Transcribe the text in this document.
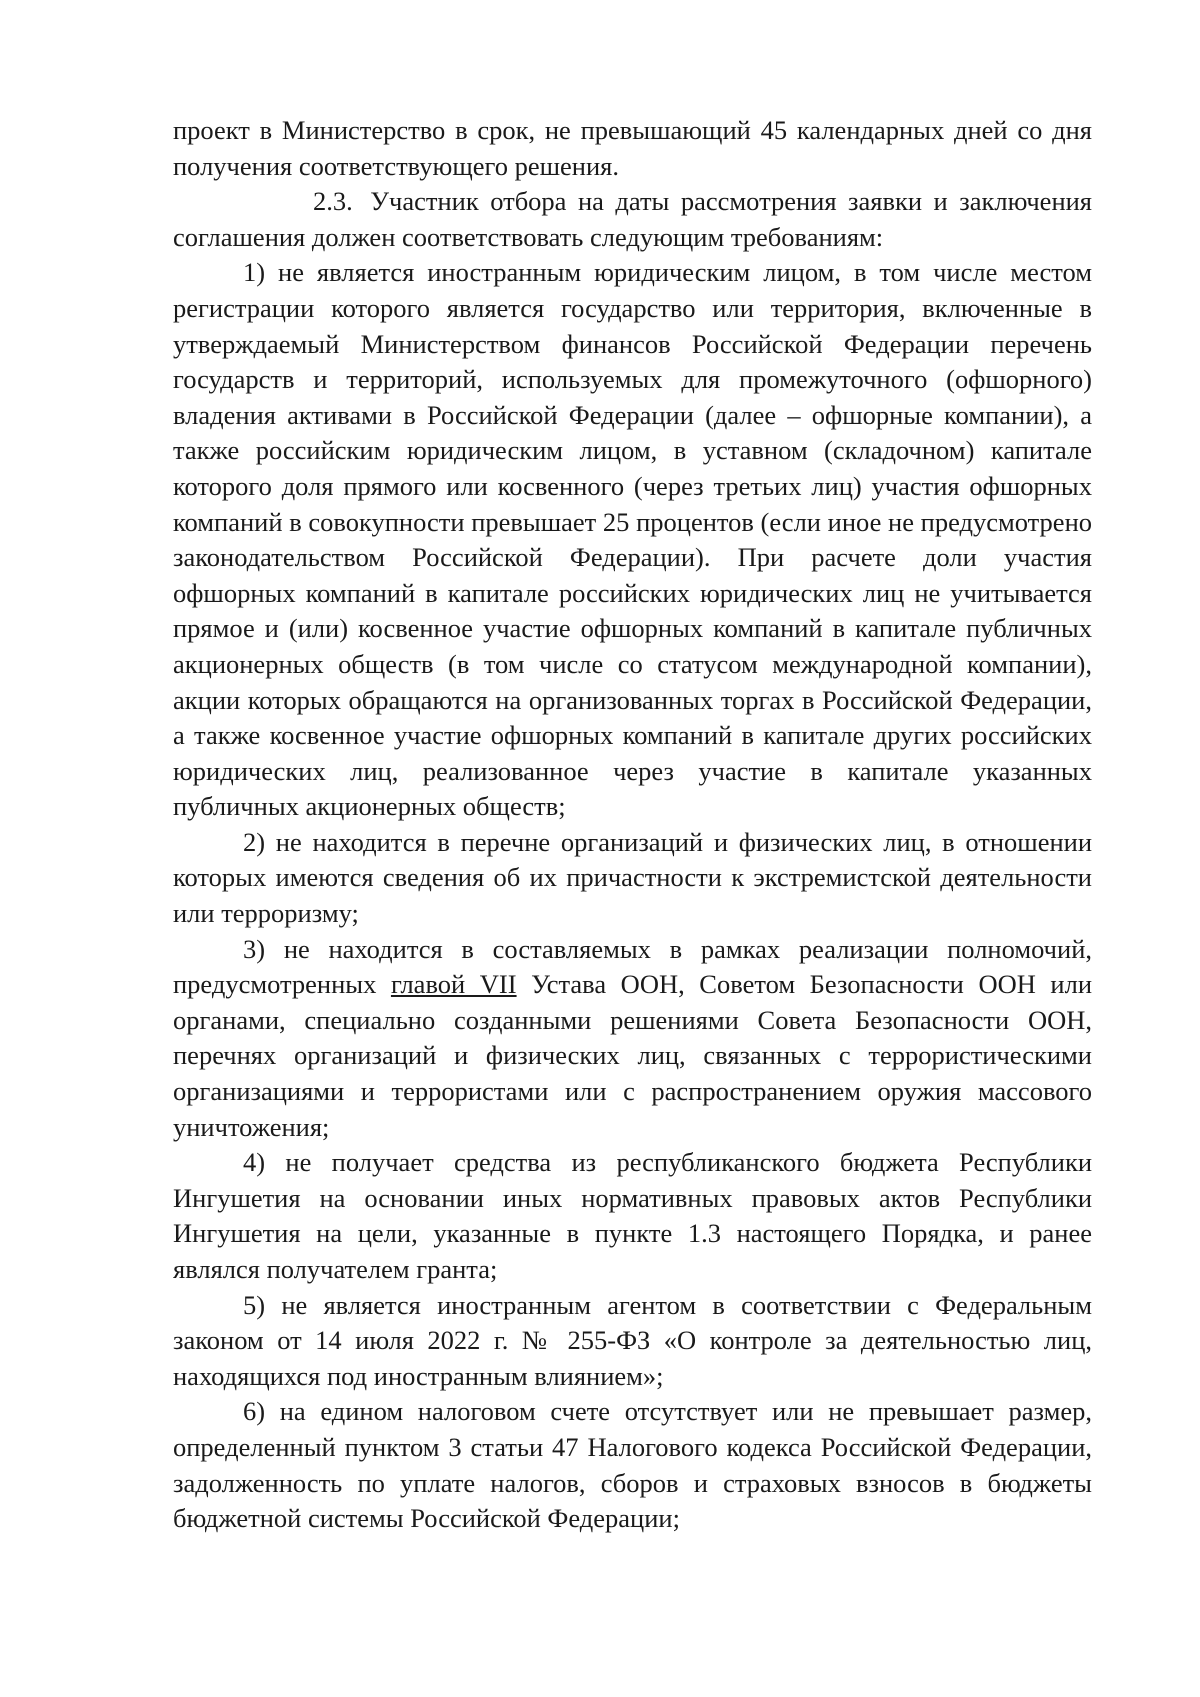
проект в Министерство в срок, не превышающий 45 календарных дней со дня получения соответствующего решения.

2.3. Участник отбора на даты рассмотрения заявки и заключения соглашения должен соответствовать следующим требованиям:

1) не является иностранным юридическим лицом, в том числе местом регистрации которого является государство или территория, включенные в утверждаемый Министерством финансов Российской Федерации перечень государств и территорий, используемых для промежуточного (офшорного) владения активами в Российской Федерации (далее – офшорные компании), а также российским юридическим лицом, в уставном (складочном) капитале которого доля прямого или косвенного (через третьих лиц) участия офшорных компаний в совокупности превышает 25 процентов (если иное не предусмотрено законодательством Российской Федерации). При расчете доли участия офшорных компаний в капитале российских юридических лиц не учитывается прямое и (или) косвенное участие офшорных компаний в капитале публичных акционерных обществ (в том числе со статусом международной компании), акции которых обращаются на организованных торгах в Российской Федерации, а также косвенное участие офшорных компаний в капитале других российских юридических лиц, реализованное через участие в капитале указанных публичных акционерных обществ;

2) не находится в перечне организаций и физических лиц, в отношении которых имеются сведения об их причастности к экстремистской деятельности или терроризму;

3) не находится в составляемых в рамках реализации полномочий, предусмотренных главой VII Устава ООН, Советом Безопасности ООН или органами, специально созданными решениями Совета Безопасности ООН, перечнях организаций и физических лиц, связанных с террористическими организациями и террористами или с распространением оружия массового уничтожения;

4) не получает средства из республиканского бюджета Республики Ингушетия на основании иных нормативных правовых актов Республики Ингушетия на цели, указанные в пункте 1.3 настоящего Порядка, и ранее являлся получателем гранта;

5) не является иностранным агентом в соответствии с Федеральным законом от 14 июля 2022 г. № 255-ФЗ «О контроле за деятельностью лиц, находящихся под иностранным влиянием»;

6) на едином налоговом счете отсутствует или не превышает размер, определенный пунктом 3 статьи 47 Налогового кодекса Российской Федерации, задолженность по уплате налогов, сборов и страховых взносов в бюджеты бюджетной системы Российской Федерации;
